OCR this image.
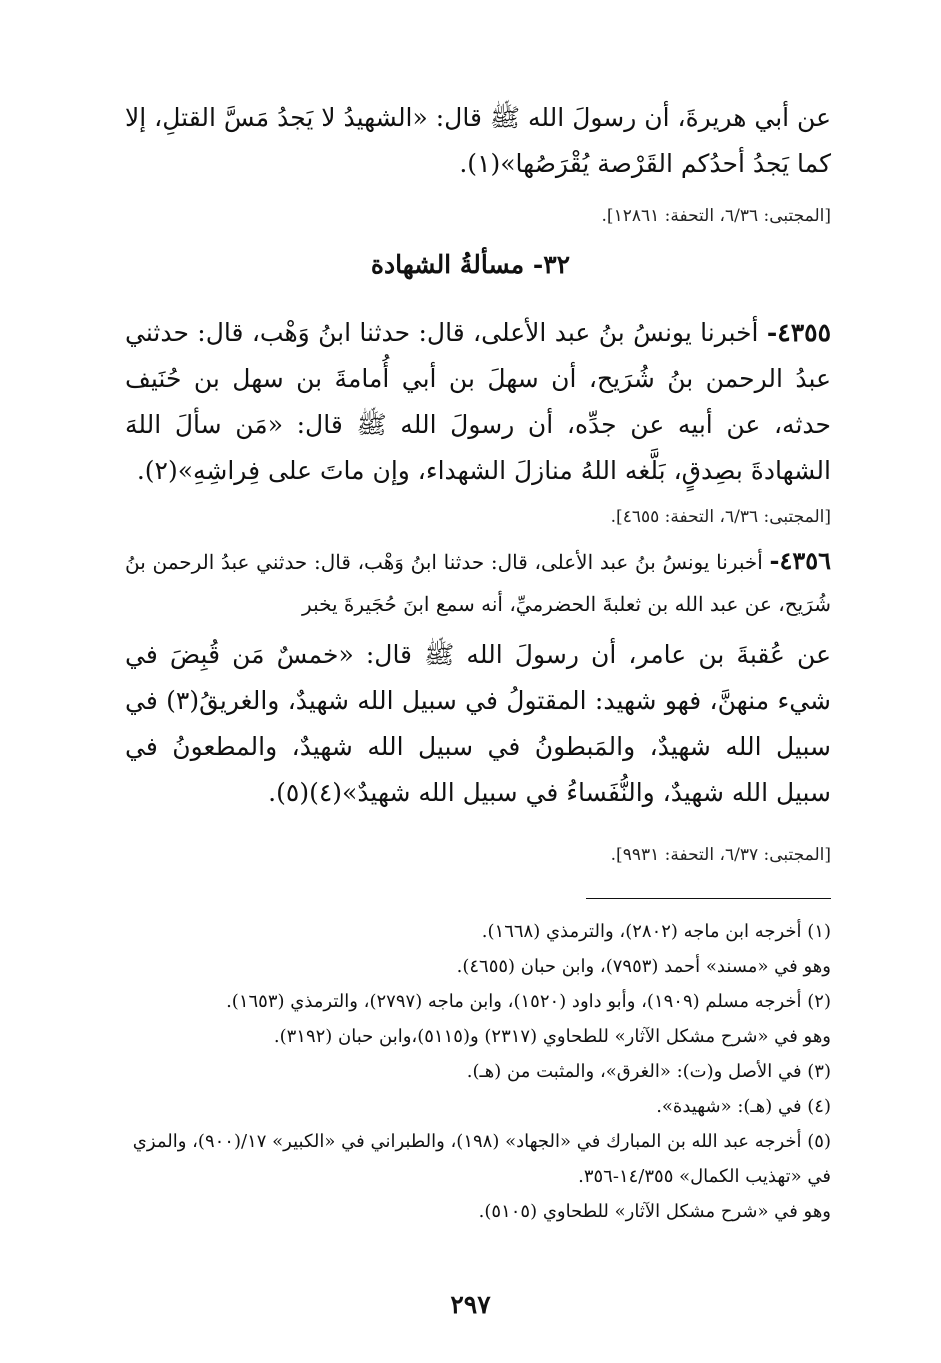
عن أبي هريرةَ، أن رسولَ الله ﷺ قال: «الشهيدُ لا يَجدُ مَسَّ القتلِ، إلا كما يَجدُ أحدُكم القَرْصة يُقْرَصُها»(١).

[المجتبى: ٦/٣٦، التحفة: ١٢٨٦١].
٣٢- مسألةُ الشهادة

٤٣٥٥- أخبرنا يونسُ بنُ عبد الأعلى، قال: حدثنا ابنُ وَهْب، قال: حدثني عبدُ الرحمن بنُ شُرَيح، أن سهلَ بن أبي أُمامةَ بن سهل بن حُنَيف حدثه، عن أبيه عن جدِّه، أن رسولَ الله ﷺ قال: «مَن سألَ اللهَ الشهادةَ بصِدقٍ، بَلَّغه اللهُ منازلَ الشهداء، وإن ماتَ على فِراشِهِ»(٢).

[المجتبى: ٦/٣٦، التحفة: ٤٦٥٥].

٤٣٥٦- أخبرنا يونسُ بنُ عبد الأعلى، قال: حدثنا ابنُ وَهْب، قال: حدثني عبدُ الرحمن بنُ شُرَيح، عن عبد الله بن ثعلبةَ الحضرميِّ، أنه سمع ابنَ حُجَيرةَ يخبر

عن عُقبةَ بن عامر، أن رسولَ الله ﷺ قال: «خمسٌ مَن قُبِضَ في شيء منهنَّ، فهو شهيد: المقتولُ في سبيل الله شهيدٌ، والغريقُ(٣) في سبيل الله شهيدٌ، والمَبطونُ في سبيل الله شهيدٌ، والمطعونُ في سبيل الله شهيدٌ، والنُّفَساءُ في سبيل الله شهيدٌ»(٤)(٥).

[المجتبى: ٦/٣٧، التحفة: ٩٩٣١].

(١) أخرجه ابن ماجه (٢٨٠٢)، والترمذي (١٦٦٨).

وهو في «مسند» أحمد (٧٩٥٣)، وابن حبان (٤٦٥٥).

(٢) أخرجه مسلم (١٩٠٩)، وأبو داود (١٥٢٠)، وابن ماجه (٢٧٩٧)، والترمذي (١٦٥٣).

وهو في «شرح مشكل الآثار» للطحاوي (٢٣١٧) و(٥١١٥)،وابن حبان (٣١٩٢).

(٣) في الأصل و(ت): «الغرق»، والمثبت من (هـ).

(٤) في (هـ): «شهيدة».

(٥) أخرجه عبد الله بن المبارك في «الجهاد» (١٩٨)، والطبراني في «الكبير» ١٧/(٩٠٠)، والمزي في «تهذيب الكمال» ١٤/٣٥٥-٣٥٦.

وهو في «شرح مشكل الآثار» للطحاوي (٥١٠٥).

٢٩٧
